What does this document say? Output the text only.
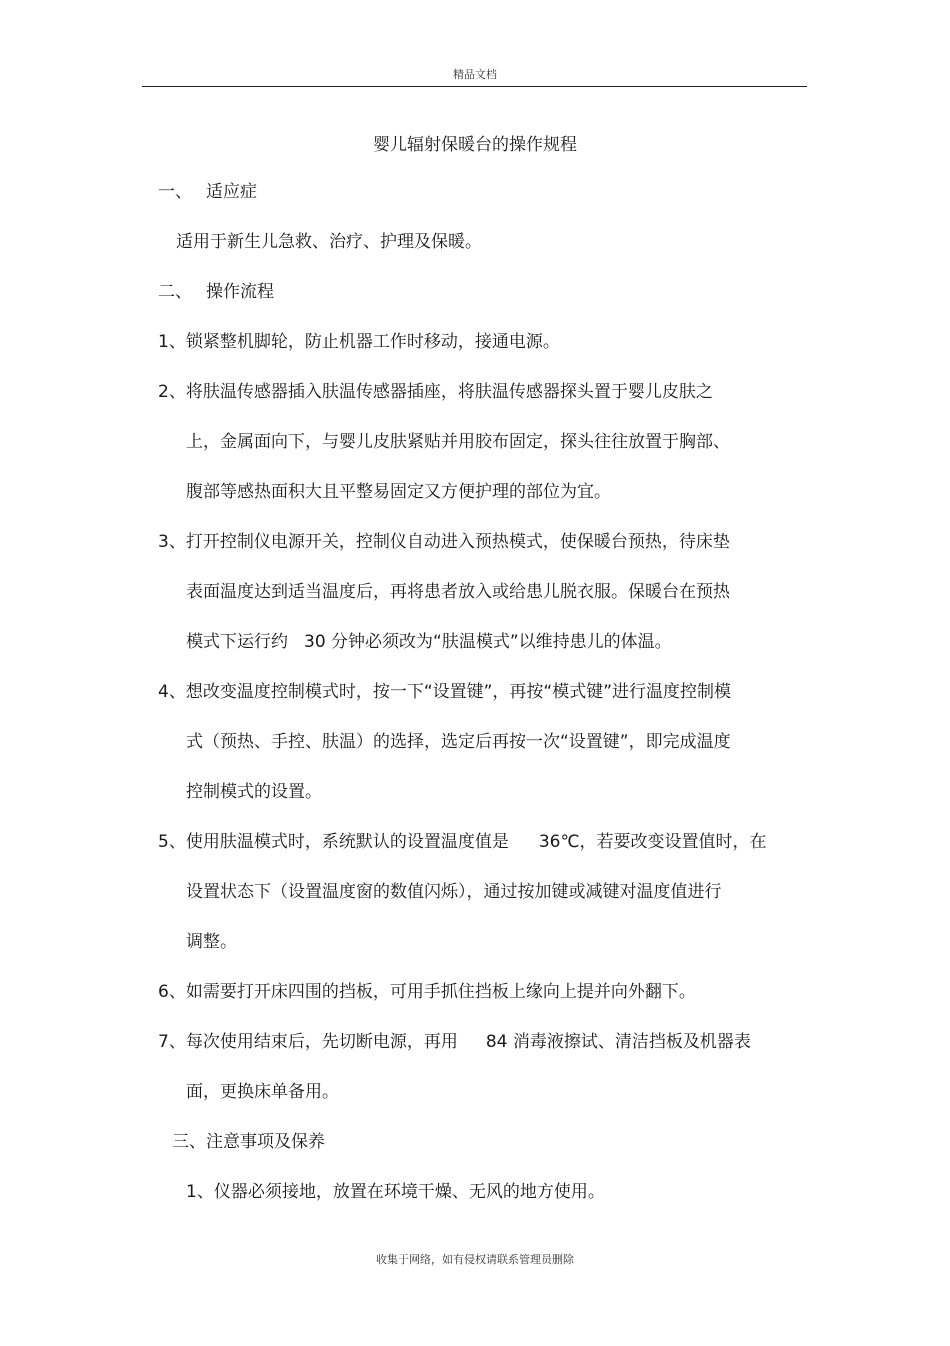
精品文档
婴儿辐射保暖台的操作规程
一、 适应症
适用于新生儿急救、治疗、护理及保暖。
二、 操作流程
1、锁紧整机脚轮，防止机器工作时移动，接通电源。
2、将肤温传感器插入肤温传感器插座，将肤温传感器探头置于婴儿皮肤之
上，金属面向下，与婴儿皮肤紧贴并用胶布固定，探头往往放置于胸部、
腹部等感热面积大且平整易固定又方便护理的部位为宜。
3、打开控制仪电源开关，控制仪自动进入预热模式，使保暖台预热，待床垫
表面温度达到适当温度后，再将患者放入或给患儿脱衣服。保暖台在预热
模式下运行约 30 分钟必须改为“肤温模式”以维持患儿的体温。
4、想改变温度控制模式时，按一下“设置键”，再按“模式键”进行温度控制模
式（预热、手控、肤温）的选择，选定后再按一次“设置键”，即完成温度
控制模式的设置。
5、使用肤温模式时，系统默认的设置温度值是 36℃，若要改变设置值时，在
设置状态下（设置温度窗的数值闪烁），通过按加键或减键对温度值进行
调整。
6、如需要打开床四围的挡板，可用手抓住挡板上缘向上提并向外翻下。
7、每次使用结束后，先切断电源，再用 84 消毒液擦试、清洁挡板及机器表
面，更换床单备用。
三、注意事项及保养
1、仪器必须接地，放置在环境干燥、无风的地方使用。
收集于网络，如有侵权请联系管理员删除
